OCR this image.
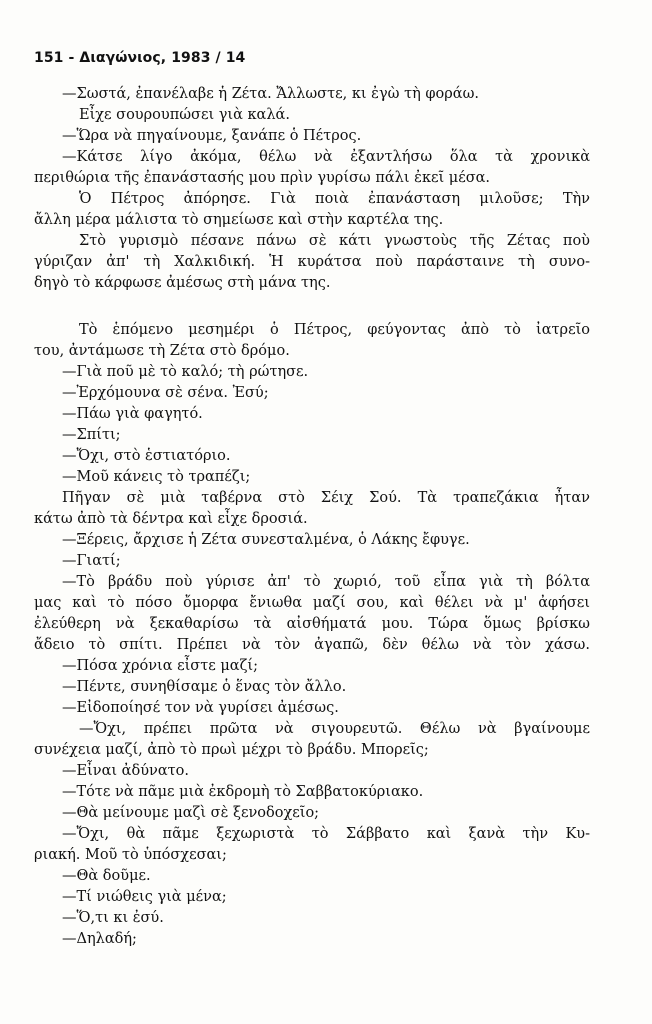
151 - Διαγώνιος, 1983 / 14
—Σωστά, ἐπανέλαβε ἡ Ζέτα. Ἄλλωστε, κι ἐγὼ τὴ φοράω.
Εἶχε σουρουπώσει γιὰ καλά.
—Ὥρα νὰ πηγαίνουμε, ξανάπε ὁ Πέτρος.
—Κάτσε λίγο ἀκόμα, θέλω νὰ ἐξαντλήσω ὅλα τὰ χρονικὰ
περιθώρια τῆς ἐπανάστασής μου πρὶν γυρίσω πάλι ἐκεῖ μέσα.
Ὁ Πέτρος ἀπόρησε. Γιὰ ποιὰ ἐπανάσταση μιλοῦσε; Τὴν
ἄλλη μέρα μάλιστα τὸ σημείωσε καὶ στὴν καρτέλα της.
Στὸ γυρισμὸ πέσανε πάνω σὲ κάτι γνωστοὺς τῆς Ζέτας ποὺ
γύριζαν ἀπ' τὴ Χαλκιδική. Ἡ κυράτσα ποὺ παράσταινε τὴ συνο-
δηγὸ τὸ κάρφωσε ἀμέσως στὴ μάνα της.
Τὸ ἑπόμενο μεσημέρι ὁ Πέτρος, φεύγοντας ἀπὸ τὸ ἰατρεῖο
του, ἀντάμωσε τὴ Ζέτα στὸ δρόμο.
—Γιὰ ποῦ μὲ τὸ καλό; τὴ ρώτησε.
—Ἐρχόμουνα σὲ σένα. Ἐσύ;
—Πάω γιὰ φαγητό.
—Σπίτι;
—Ὄχι, στὸ ἑστιατόριο.
—Μοῦ κάνεις τὸ τραπέζι;
Πῆγαν σὲ μιὰ ταβέρνα στὸ Σέιχ Σού. Τὰ τραπεζάκια ἦταν
κάτω ἀπὸ τὰ δέντρα καὶ εἶχε δροσιά.
—Ξέρεις, ἄρχισε ἡ Ζέτα συνεσταλμένα, ὁ Λάκης ἔφυγε.
—Γιατί;
—Τὸ βράδυ ποὺ γύρισε ἀπ' τὸ χωριό, τοῦ εἶπα γιὰ τὴ βόλτα
μας καὶ τὸ πόσο ὄμορφα ἔνιωθα μαζί σου, καὶ θέλει νὰ μ' ἀφήσει
ἐλεύθερη νὰ ξεκαθαρίσω τὰ αἰσθήματά μου. Τώρα ὅμως βρίσκω
ἄδειο τὸ σπίτι. Πρέπει νὰ τὸν ἀγαπῶ, δὲν θέλω νὰ τὸν χάσω.
—Πόσα χρόνια εἶστε μαζί;
—Πέντε, συνηθίσαμε ὁ ἕνας τὸν ἄλλο.
—Εἰδοποίησέ τον νὰ γυρίσει ἀμέσως.
—Ὄχι, πρέπει πρῶτα νὰ σιγουρευτῶ. Θέλω νὰ βγαίνουμε
συνέχεια μαζί, ἀπὸ τὸ πρωὶ μέχρι τὸ βράδυ. Μπορεῖς;
—Εἶναι ἀδύνατο.
—Τότε νὰ πᾶμε μιὰ ἐκδρομὴ τὸ Σαββατοκύριακο.
—Θὰ μείνουμε μαζὶ σὲ ξενοδοχεῖο;
—Ὄχι, θὰ πᾶμε ξεχωριστὰ τὸ Σάββατο καὶ ξανὰ τὴν Κυ-
ριακή. Μοῦ τὸ ὑπόσχεσαι;
—Θὰ δοῦμε.
—Τί νιώθεις γιὰ μένα;
—Ὅ,τι κι ἐσύ.
—Δηλαδή;
